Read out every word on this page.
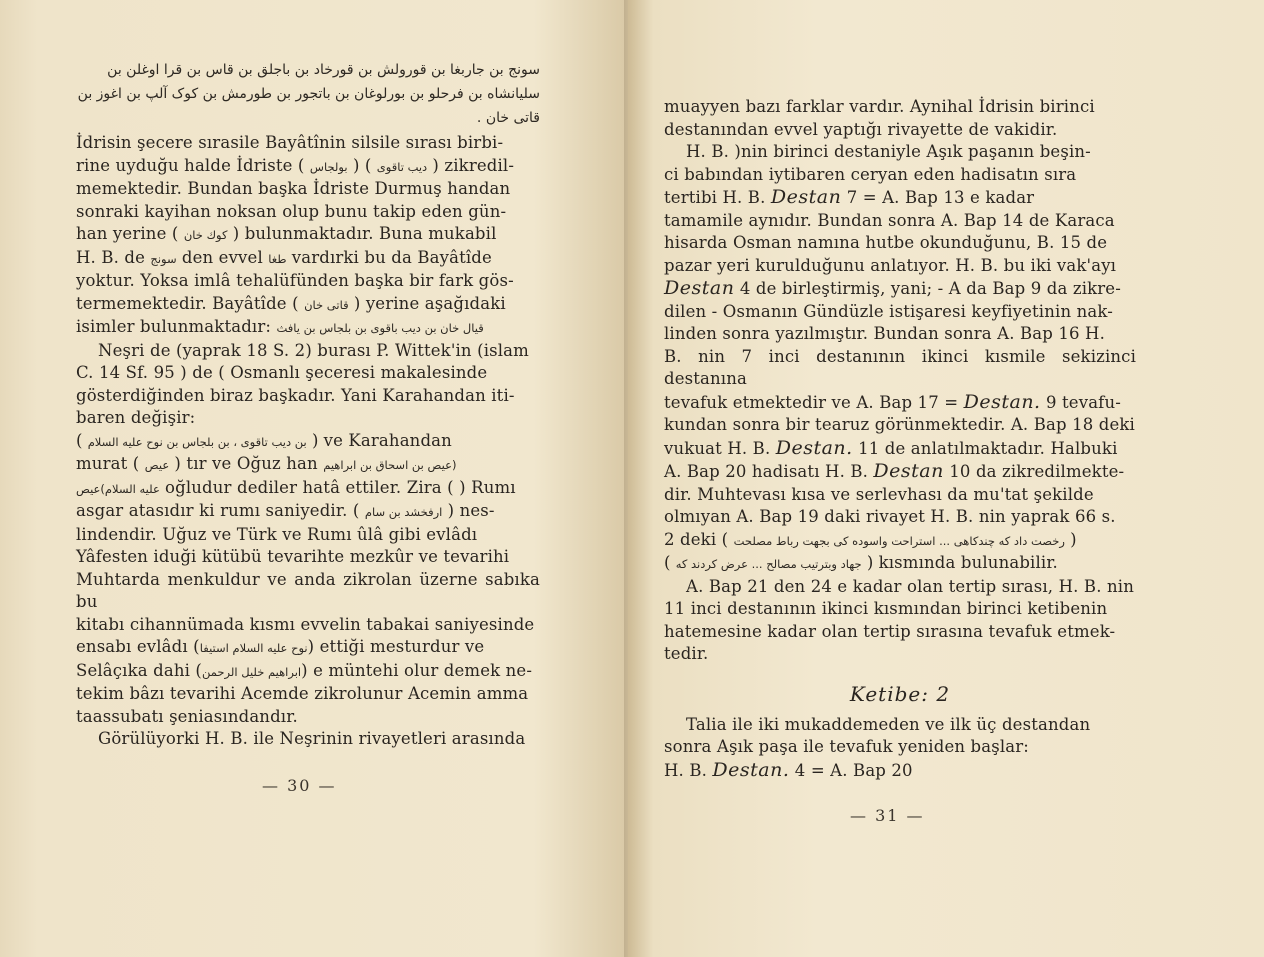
سونج بن جاربغا بن قورولش بن قورخاد بن باجلق بن قاس بن قرا اوغلن بن
سلیانشاه بن فرحلو بن بورلوغان بن باتجور بن طورمش بن کوک آلپ بن اغوز بن
قاتی خان .

İdrisin şecere sırasile Bayâtînin silsile sırası birbi-

rine uyduğu halde İdriste (	دیب تاقوی ) ( بولجاس	) zikredil-

memektedir. Bundan başka İdriste Durmuş handan

sonraki kayihan noksan olup bunu takip eden gün-

han yerine ( کوك خان ) bulunmaktadır. Buna mukabil

H. B. de سونج den evvel طغا vardırki bu da Bayâtîde

yoktur. Yoksa imlâ tehalüfünden başka bir fark gös-

termemektedir. Bayâtîde ( قاتی خان ) yerine aşağıdaki

isimler bulunmaktadır: قیال خان بن دیب باقوی بن بلجاس بن یافث

Neşri de (yaprak 18 S. 2) burası P. Wittek'in (islam

C. 14 Sf. 95 ) de ( Osmanlı şeceresi makalesinde

gösterdiğinden biraz başkadır. Yani Karahandan iti-

baren değişir:

( بن دیب تاقوی ، بن بلجاس بن نوح علیه السلام ) ve Karahandan

murat ( عیص ) tır ve Oğuz han (عیص بن اسحاق بن ابراهیم

علیه السلام)عیص	oğludur dediler hatâ ettiler. Zira ( ) Rumı

asgar atasıdır ki rumı saniyedir. ( ارفخشد بن سام ) nes-

lindendir. Uğuz ve Türk ve Rumı ûlâ gibi evlâdı

Yâfesten iduği kütübü tevarihte mezkûr ve tevarihi

Muhtarda menkuldur ve anda zikrolan üzerne sabıka bu

kitabı cihannümada kısmı evvelin tabakai saniyesinde

ensabı evlâdı (نوح علیه السلام استیفا) ettiği mesturdur ve

Selâçıka dahi (ابراهیم خلیل الرحمن) e müntehi olur demek ne-

tekim bâzı tevarihi Acemde zikrolunur Acemin amma

taassubatı şeniasındandır.

Görülüyorki H. B. ile Neşrinin rivayetleri arasında

— 30 —

muayyen bazı farklar vardır. Aynihal İdrisin birinci

destanından evvel yaptığı rivayette de vakidir.

H. B. )nin birinci destaniyle Aşık paşanın beşin-

ci babından iytibaren ceryan eden hadisatın sıra

tertibi H. B. Destan 7 = A. Bap 13 e kadar

tamamile aynıdır. Bundan sonra A. Bap 14 de Karaca

hisarda Osman namına hutbe okunduğunu, B. 15 de

pazar yeri kurulduğunu anlatıyor. H. B. bu iki vak'ayı

Destan 4 de birleştirmiş, yani; - A da Bap 9 da zikre-

dilen - Osmanın Gündüzle istişaresi keyfiyetinin nak-

linden sonra yazılmıştır. Bundan sonra A. Bap 16 H.

B. nin 7 inci destanının ikinci kısmile sekizinci destanına

tevafuk etmektedir ve A. Bap 17 = Destan. 9 tevafu-

kundan sonra bir tearuz görünmektedir. A. Bap 18 deki

vukuat H. B. Destan. 11 de anlatılmaktadır. Halbuki

A. Bap 20 hadisatı H. B. Destan 10 da zikredilmekte-

dir. Muhtevası kısa ve serlevhası da mu'tat şekilde

olmıyan A. Bap 19 daki rivayet H. B. nin yaprak 66 s.

2 deki ( رخصت داد که چندکاهی ... استراحت واسوده کی بجهت رباط مصلحت )

( جهاد وبترتیب مصالح ... عرض کردند که ) kısmında bulunabilir.

A. Bap 21 den 24 e kadar olan tertip sırası, H. B. nin

11 inci destanının ikinci kısmından birinci ketibenin

hatemesine kadar olan tertip sırasına tevafuk etmek-

tedir.

Ketibe: 2

Talia ile iki mukaddemeden ve ilk üç destandan

sonra Aşık paşa ile tevafuk yeniden başlar:

H. B. Destan. 4 = A. Bap 20

— 31 —
